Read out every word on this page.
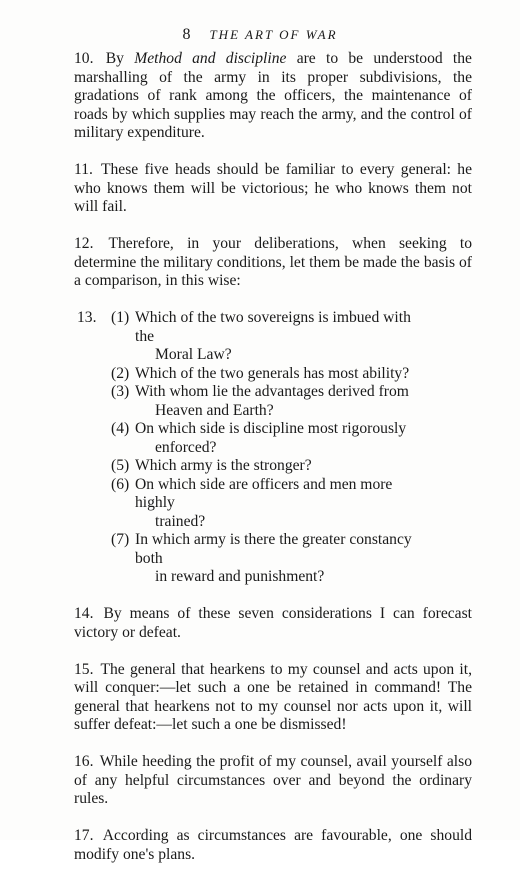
8 THE ART OF WAR

10. By Method and discipline are to be understood the marshalling of the army in its proper subdivisions, the gradations of rank among the officers, the maintenance of roads by which supplies may reach the army, and the control of military expenditure.

11. These five heads should be familiar to every general: he who knows them will be victorious; he who knows them not will fail.

12. Therefore, in your deliberations, when seeking to determine the military conditions, let them be made the basis of a comparison, in this wise:

13. (1) Which of the two sovereigns is imbued with the
Moral Law?
(2) Which of the two generals has most ability?
(3) With whom lie the advantages derived from
Heaven and Earth?
(4) On which side is discipline most rigorously
enforced?
(5) Which army is the stronger?
(6) On which side are officers and men more highly
trained?
(7) In which army is there the greater constancy both
in reward and punishment?

14. By means of these seven considerations I can forecast victory or defeat.

15. The general that hearkens to my counsel and acts upon it, will conquer:—let such a one be retained in command! The general that hearkens not to my counsel nor acts upon it, will suffer defeat:—let such a one be dismissed!

16. While heeding the profit of my counsel, avail yourself also of any helpful circumstances over and beyond the ordinary rules.

17. According as circumstances are favourable, one should modify one's plans.
